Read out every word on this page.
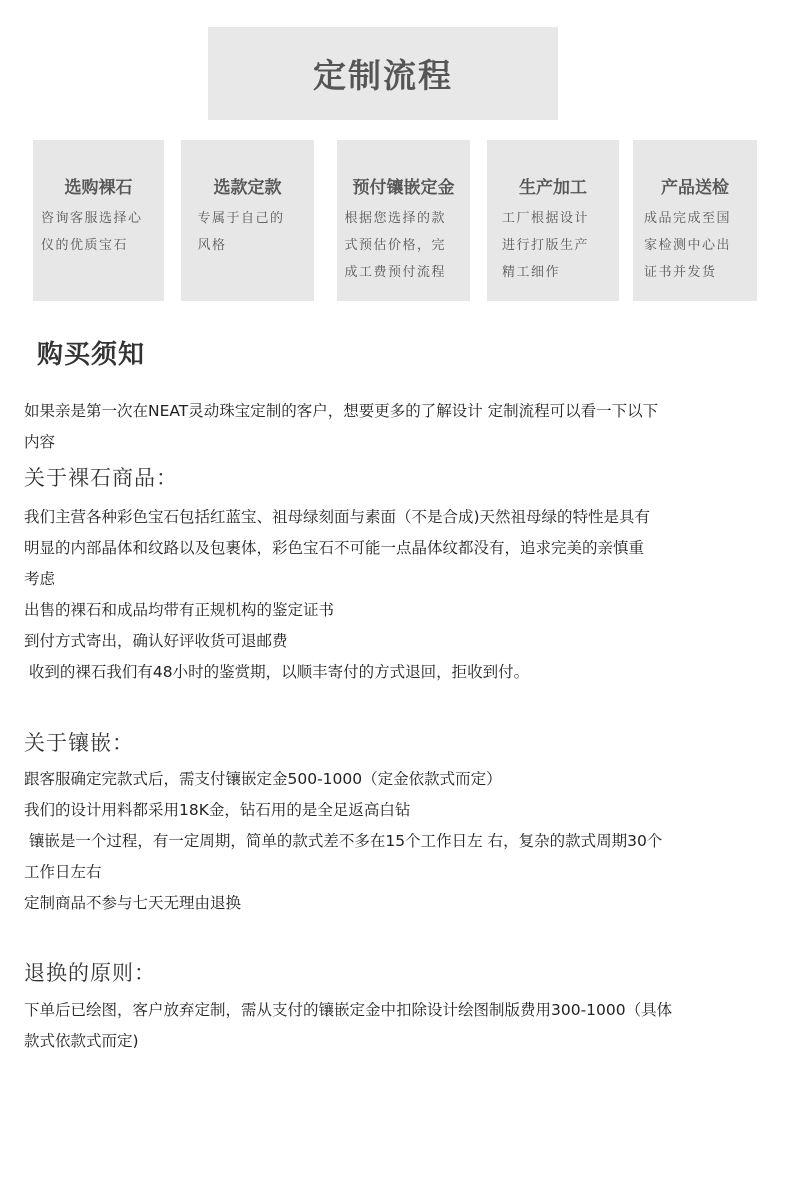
定制流程
选购裸石
咨询客服选择心
仪的优质宝石
选款定款
专属于自己的
风格
预付镶嵌定金
根据您选择的款
式预估价格，完
成工费预付流程
生产加工
工厂根据设计
进行打版生产
精工细作
产品送检
成品完成至国
家检测中心出
证书并发货
购买须知
如果亲是第一次在NEAT灵动珠宝定制的客户，想要更多的了解设计 定制流程可以看一下以下
内容
关于裸石商品：
我们主营各种彩色宝石包括红蓝宝、祖母绿刻面与素面（不是合成)天然祖母绿的特性是具有
明显的内部晶体和纹路以及包裹体，彩色宝石不可能一点晶体纹都没有，追求完美的亲慎重
考虑
出售的裸石和成品均带有正规机构的鉴定证书
到付方式寄出，确认好评收货可退邮费
收到的裸石我们有48小时的鉴赏期，以顺丰寄付的方式退回，拒收到付。
关于镶嵌：
跟客服确定完款式后，需支付镶嵌定金500-1000（定金依款式而定）
我们的设计用料都采用18K金，钻石用的是全足返高白钻
镶嵌是一个过程，有一定周期，简单的款式差不多在15个工作日左 右，复杂的款式周期30个
工作日左右
定制商品不参与七天无理由退换
退换的原则：
下单后已绘图，客户放弃定制，需从支付的镶嵌定金中扣除设计绘图制版费用300-1000（具体
款式依款式而定)
